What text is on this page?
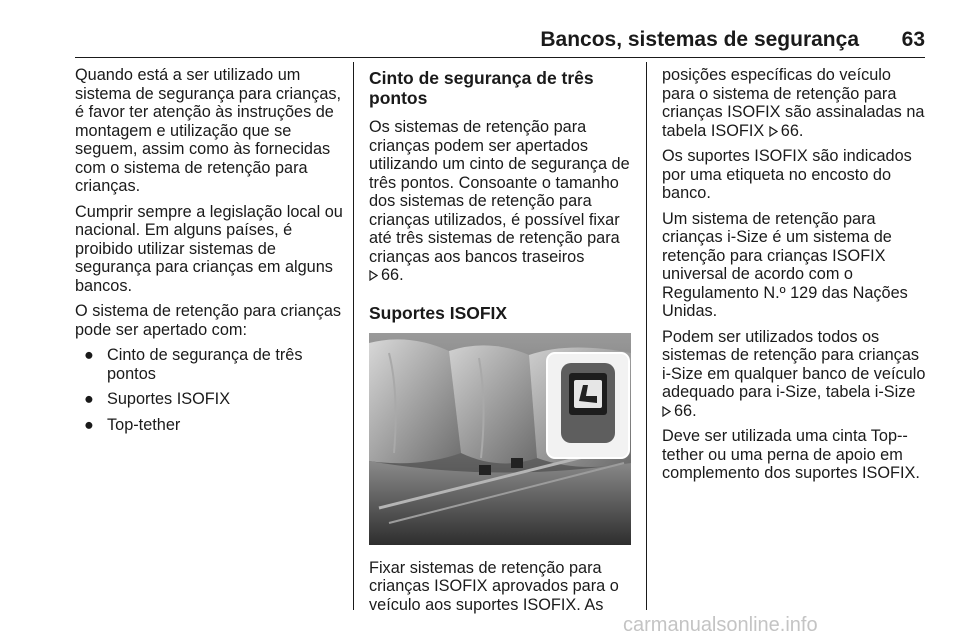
Bancos, sistemas de segurança 63

Quando está a ser utilizado um sistema de segurança para crianças, é favor ter atenção às instruções de montagem e utilização que se seguem, assim como às fornecidas com o sistema de retenção para crianças.

Cumprir sempre a legislação local ou nacional. Em alguns países, é proibido utilizar sistemas de segurança para crianças em alguns bancos.

O sistema de retenção para crianças pode ser apertado com:

● Cinto de segurança de três pontos
● Suportes ISOFIX
● Top-tether
Cinto de segurança de três pontos

Os sistemas de retenção para crianças podem ser apertados utilizando um cinto de segurança de três pontos. Consoante o tamanho dos sistemas de retenção para crianças utilizados, é possível fixar até três sistemas de retenção para crianças aos bancos traseiros
66.

Suportes ISOFIX

Fixar sistemas de retenção para crianças ISOFIX aprovados para o veículo aos suportes ISOFIX. As

posições específicas do veículo para o sistema de retenção para crianças ISOFIX são assinaladas na tabela ISOFIX 66.

Os suportes ISOFIX são indicados por uma etiqueta no encosto do banco.

Um sistema de retenção para crianças i-Size é um sistema de retenção para crianças ISOFIX universal de acordo com o Regulamento N.º 129 das Nações Unidas.

Podem ser utilizados todos os sistemas de retenção para crianças i-Size em qualquer banco de veículo adequado para i-Size, tabela i-Size
66.

Deve ser utilizada uma cinta Top--tether ou uma perna de apoio em complemento dos suportes ISOFIX.

carmanualsonline.info
